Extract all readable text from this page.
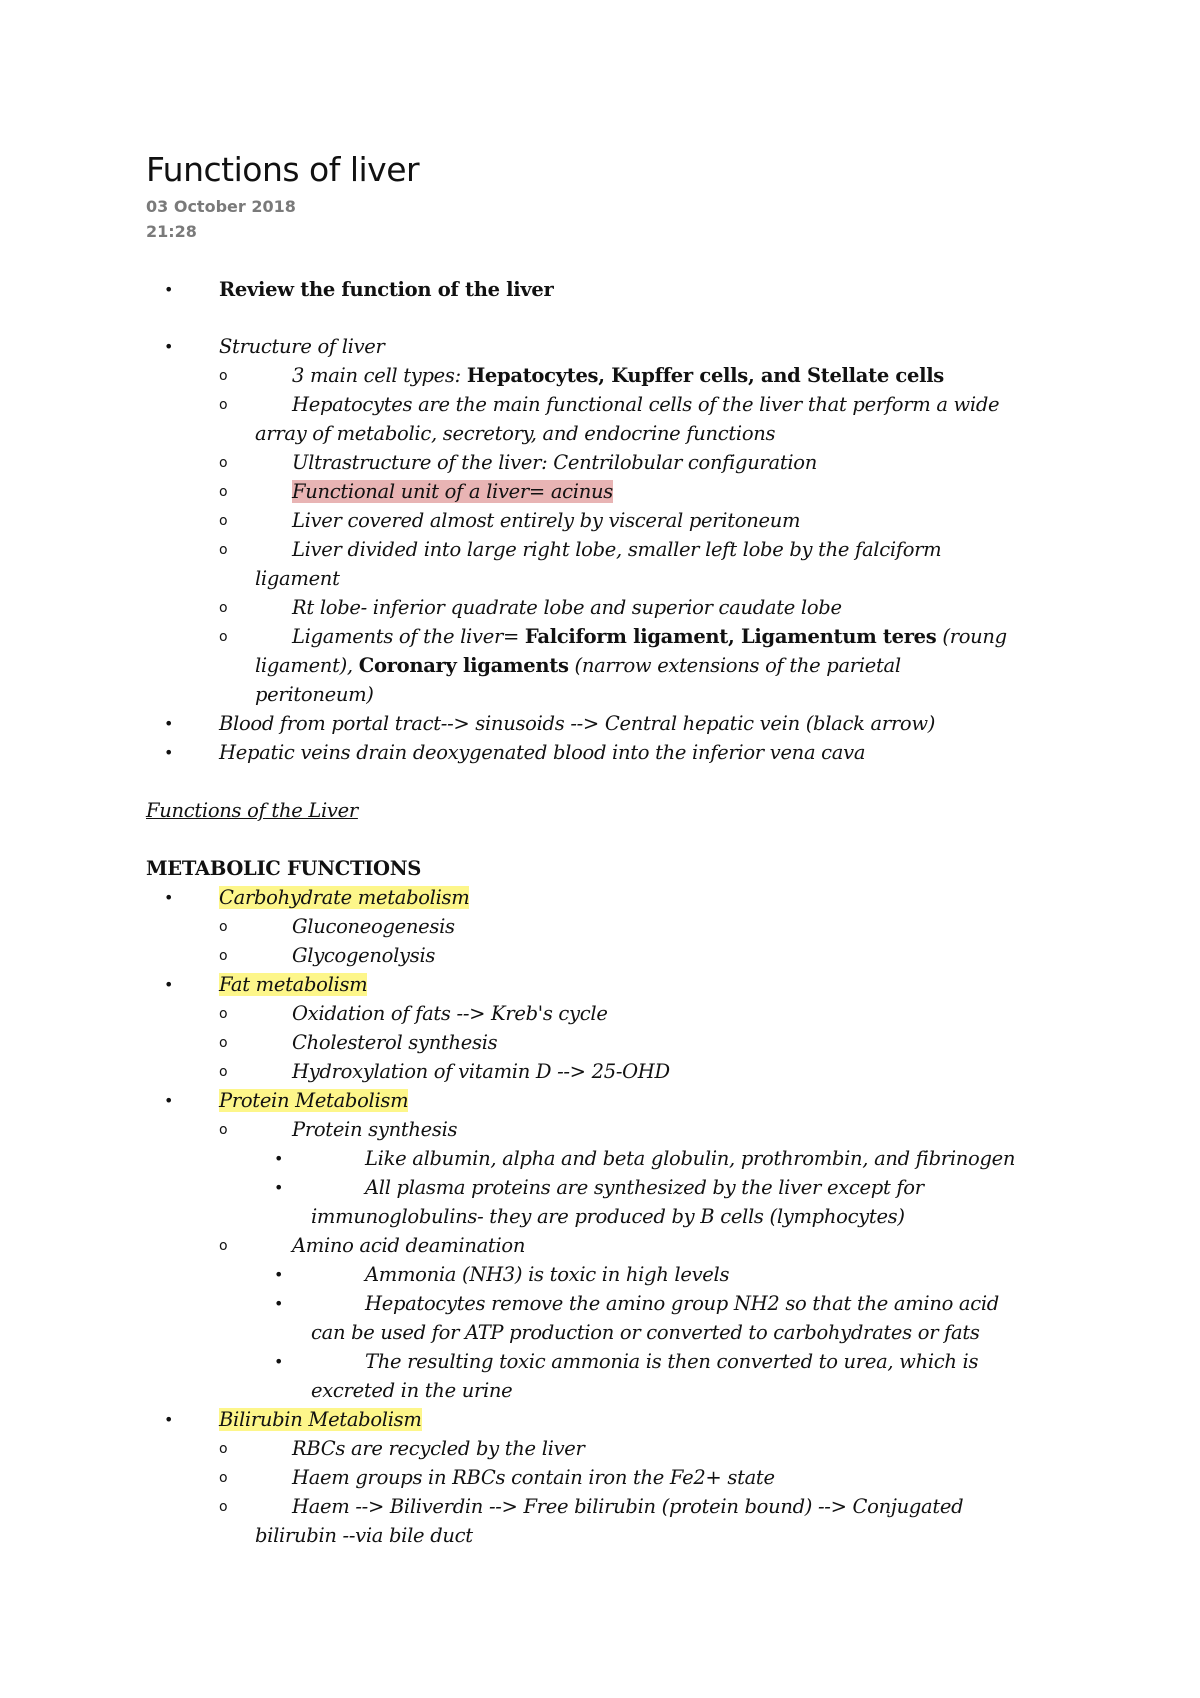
Functions of liver
03 October 2018
21:28
• Review the function of the liver
• Structure of liver
o	3 main cell types: Hepatocytes, Kupffer cells, and Stellate cells
o	Hepatocytes are the main functional cells of the liver that perform a wide
array of metabolic, secretory, and endocrine functions
o	Ultrastructure of the liver: Centrilobular configuration
o	Functional unit of a liver= acinus
o	Liver covered almost entirely by visceral peritoneum
o	Liver divided into large right lobe, smaller left lobe by the falciform
ligament
o	Rt lobe- inferior quadrate lobe and superior caudate lobe
o	Ligaments of the liver= Falciform ligament, Ligamentum teres (roung
ligament), Coronary ligaments (narrow extensions of the parietal
peritoneum)
• Blood from portal tract--> sinusoids --> Central hepatic vein (black arrow)
• Hepatic veins drain deoxygenated blood into the inferior vena cava
Functions of the Liver
METABOLIC FUNCTIONS
• Carbohydrate metabolism
o	Gluconeogenesis
o	Glycogenolysis
• Fat metabolism
o	Oxidation of fats --> Kreb's cycle
o	Cholesterol synthesis
o	Hydroxylation of vitamin D --> 25-OHD
• Protein Metabolism
o	Protein synthesis
•	Like albumin, alpha and beta globulin, prothrombin, and fibrinogen
•	All plasma proteins are synthesized by the liver except for
immunoglobulins- they are produced by B cells (lymphocytes)
o	Amino acid deamination
•	Ammonia (NH3) is toxic in high levels
•	Hepatocytes remove the amino group NH2 so that the amino acid
can be used for ATP production or converted to carbohydrates or fats
•	The resulting toxic ammonia is then converted to urea, which is
excreted in the urine
• Bilirubin Metabolism
o	RBCs are recycled by the liver
o	Haem groups in RBCs contain iron the Fe2+ state
o	Haem --> Biliverdin --> Free bilirubin (protein bound) --> Conjugated
bilirubin --via bile duct
